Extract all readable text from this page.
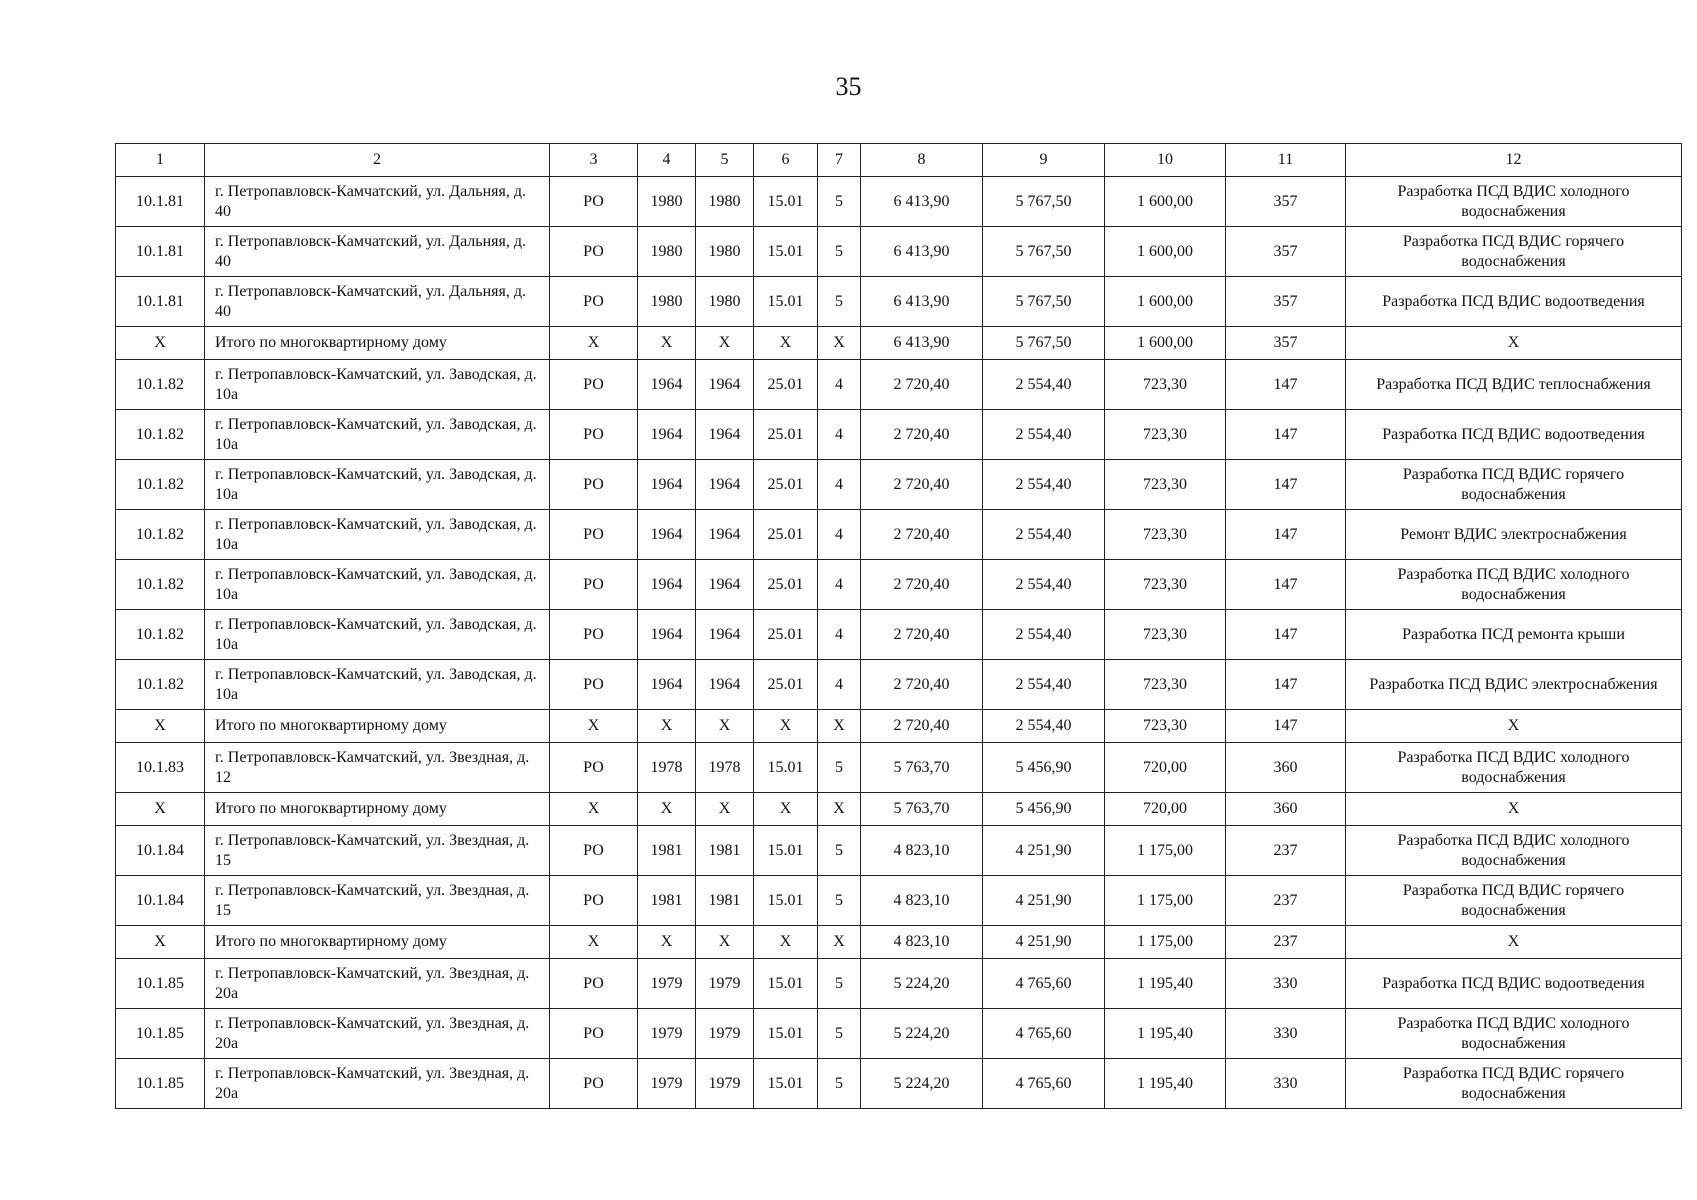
35
1	2	3	4	5	6	7	8	9	10	11	12
10.1.81	г. Петропавловск-Камчатский, ул. Дальняя, д. 40	РО	1980	1980	15.01	5	6 413,90	5 767,50	1 600,00	357	Разработка ПСД ВДИС холодного водоснабжения
10.1.81	г. Петропавловск-Камчатский, ул. Дальняя, д. 40	РО	1980	1980	15.01	5	6 413,90	5 767,50	1 600,00	357	Разработка ПСД ВДИС горячего водоснабжения
10.1.81	г. Петропавловск-Камчатский, ул. Дальняя, д. 40	РО	1980	1980	15.01	5	6 413,90	5 767,50	1 600,00	357	Разработка ПСД ВДИС водоотведения
X	Итого по многоквартирному дому	X	X	X	X	X	6 413,90	5 767,50	1 600,00	357	X
10.1.82	г. Петропавловск-Камчатский, ул. Заводская, д. 10а	РО	1964	1964	25.01	4	2 720,40	2 554,40	723,30	147	Разработка ПСД ВДИС теплоснабжения
10.1.82	г. Петропавловск-Камчатский, ул. Заводская, д. 10а	РО	1964	1964	25.01	4	2 720,40	2 554,40	723,30	147	Разработка ПСД ВДИС водоотведения
10.1.82	г. Петропавловск-Камчатский, ул. Заводская, д. 10а	РО	1964	1964	25.01	4	2 720,40	2 554,40	723,30	147	Разработка ПСД ВДИС горячего водоснабжения
10.1.82	г. Петропавловск-Камчатский, ул. Заводская, д. 10а	РО	1964	1964	25.01	4	2 720,40	2 554,40	723,30	147	Ремонт ВДИС электроснабжения
10.1.82	г. Петропавловск-Камчатский, ул. Заводская, д. 10а	РО	1964	1964	25.01	4	2 720,40	2 554,40	723,30	147	Разработка ПСД ВДИС холодного водоснабжения
10.1.82	г. Петропавловск-Камчатский, ул. Заводская, д. 10а	РО	1964	1964	25.01	4	2 720,40	2 554,40	723,30	147	Разработка ПСД ремонта крыши
10.1.82	г. Петропавловск-Камчатский, ул. Заводская, д. 10а	РО	1964	1964	25.01	4	2 720,40	2 554,40	723,30	147	Разработка ПСД ВДИС электроснабжения
X	Итого по многоквартирному дому	X	X	X	X	X	2 720,40	2 554,40	723,30	147	X
10.1.83	г. Петропавловск-Камчатский, ул. Звездная, д. 12	РО	1978	1978	15.01	5	5 763,70	5 456,90	720,00	360	Разработка ПСД ВДИС холодного водоснабжения
X	Итого по многоквартирному дому	X	X	X	X	X	5 763,70	5 456,90	720,00	360	X
10.1.84	г. Петропавловск-Камчатский, ул. Звездная, д. 15	РО	1981	1981	15.01	5	4 823,10	4 251,90	1 175,00	237	Разработка ПСД ВДИС холодного водоснабжения
10.1.84	г. Петропавловск-Камчатский, ул. Звездная, д. 15	РО	1981	1981	15.01	5	4 823,10	4 251,90	1 175,00	237	Разработка ПСД ВДИС горячего водоснабжения
X	Итого по многоквартирному дому	X	X	X	X	X	4 823,10	4 251,90	1 175,00	237	X
10.1.85	г. Петропавловск-Камчатский, ул. Звездная, д. 20а	РО	1979	1979	15.01	5	5 224,20	4 765,60	1 195,40	330	Разработка ПСД ВДИС водоотведения
10.1.85	г. Петропавловск-Камчатский, ул. Звездная, д. 20а	РО	1979	1979	15.01	5	5 224,20	4 765,60	1 195,40	330	Разработка ПСД ВДИС холодного водоснабжения
10.1.85	г. Петропавловск-Камчатский, ул. Звездная, д. 20а	РО	1979	1979	15.01	5	5 224,20	4 765,60	1 195,40	330	Разработка ПСД ВДИС горячего водоснабжения
